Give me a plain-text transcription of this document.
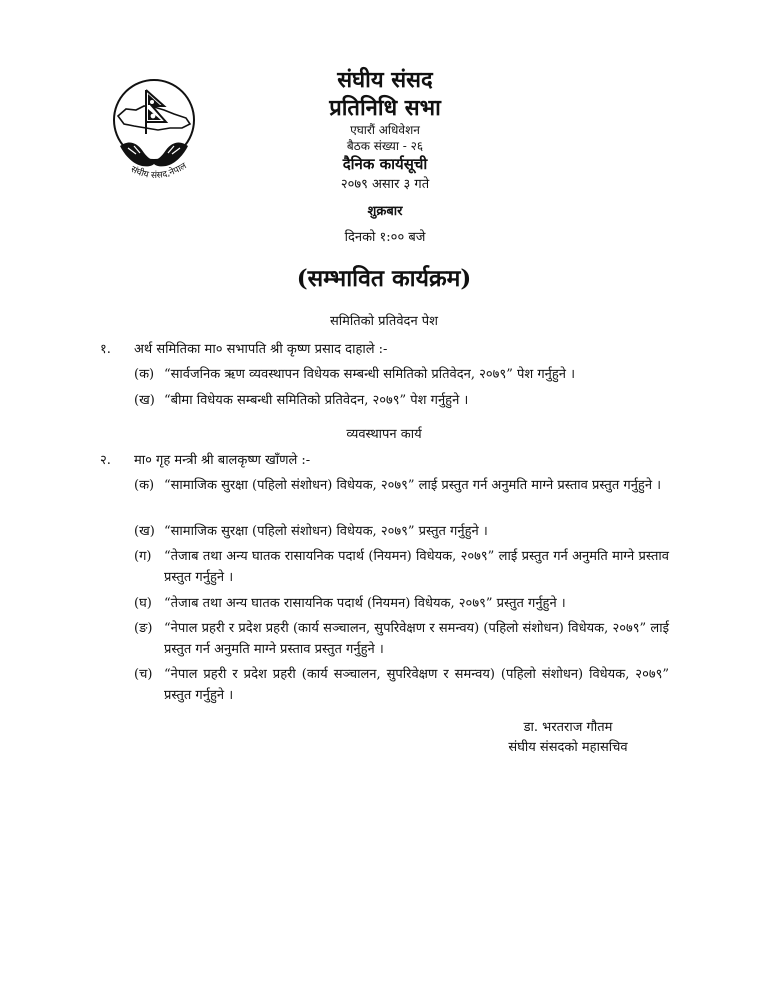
संघीय संसद,नेपाल
संघीय संसद
प्रतिनिधि सभा
एघारौं अधिवेशन
बैठक संख्या - २६
दैनिक कार्यसूची
२०७९ असार ३ गते
शुक्रबार
दिनको १:०० बजे
(सम्भावित कार्यक्रम)
समितिको प्रतिवेदन पेश
१. अर्थ समितिका मा० सभापति श्री कृष्ण प्रसाद दाहाले :-
(क) “सार्वजनिक ऋण व्यवस्थापन विधेयक सम्बन्धी समितिको प्रतिवेदन, २०७९” पेश गर्नुहुने ।
(ख) “बीमा विधेयक सम्बन्धी समितिको प्रतिवेदन, २०७९” पेश गर्नुहुने ।
व्यवस्थापन कार्य
२. मा० गृह मन्त्री श्री बालकृष्ण खाँणले :-
(क) “सामाजिक सुरक्षा (पहिलो संशोधन) विधेयक, २०७९” लाई प्रस्तुत गर्न अनुमति माग्ने प्रस्ताव प्रस्तुत गर्नुहुने ।
(ख) “सामाजिक सुरक्षा (पहिलो संशोधन) विधेयक, २०७९” प्रस्तुत गर्नुहुने ।
(ग) “तेजाब तथा अन्य घातक रासायनिक पदार्थ (नियमन) विधेयक, २०७९” लाई प्रस्तुत गर्न अनुमति माग्ने प्रस्ताव प्रस्तुत गर्नुहुने ।
(घ) “तेजाब तथा अन्य घातक रासायनिक पदार्थ (नियमन) विधेयक, २०७९” प्रस्तुत गर्नुहुने ।
(ङ) “नेपाल प्रहरी र प्रदेश प्रहरी (कार्य सञ्चालन, सुपरिवेक्षण र समन्वय) (पहिलो संशोधन) विधेयक, २०७९” लाई प्रस्तुत गर्न अनुमति माग्ने प्रस्ताव प्रस्तुत गर्नुहुने ।
(च) “नेपाल प्रहरी र प्रदेश प्रहरी (कार्य सञ्चालन, सुपरिवेक्षण र समन्वय) (पहिलो संशोधन) विधेयक, २०७९” प्रस्तुत गर्नुहुने ।
डा. भरतराज गौतम
संघीय संसदको महासचिव
